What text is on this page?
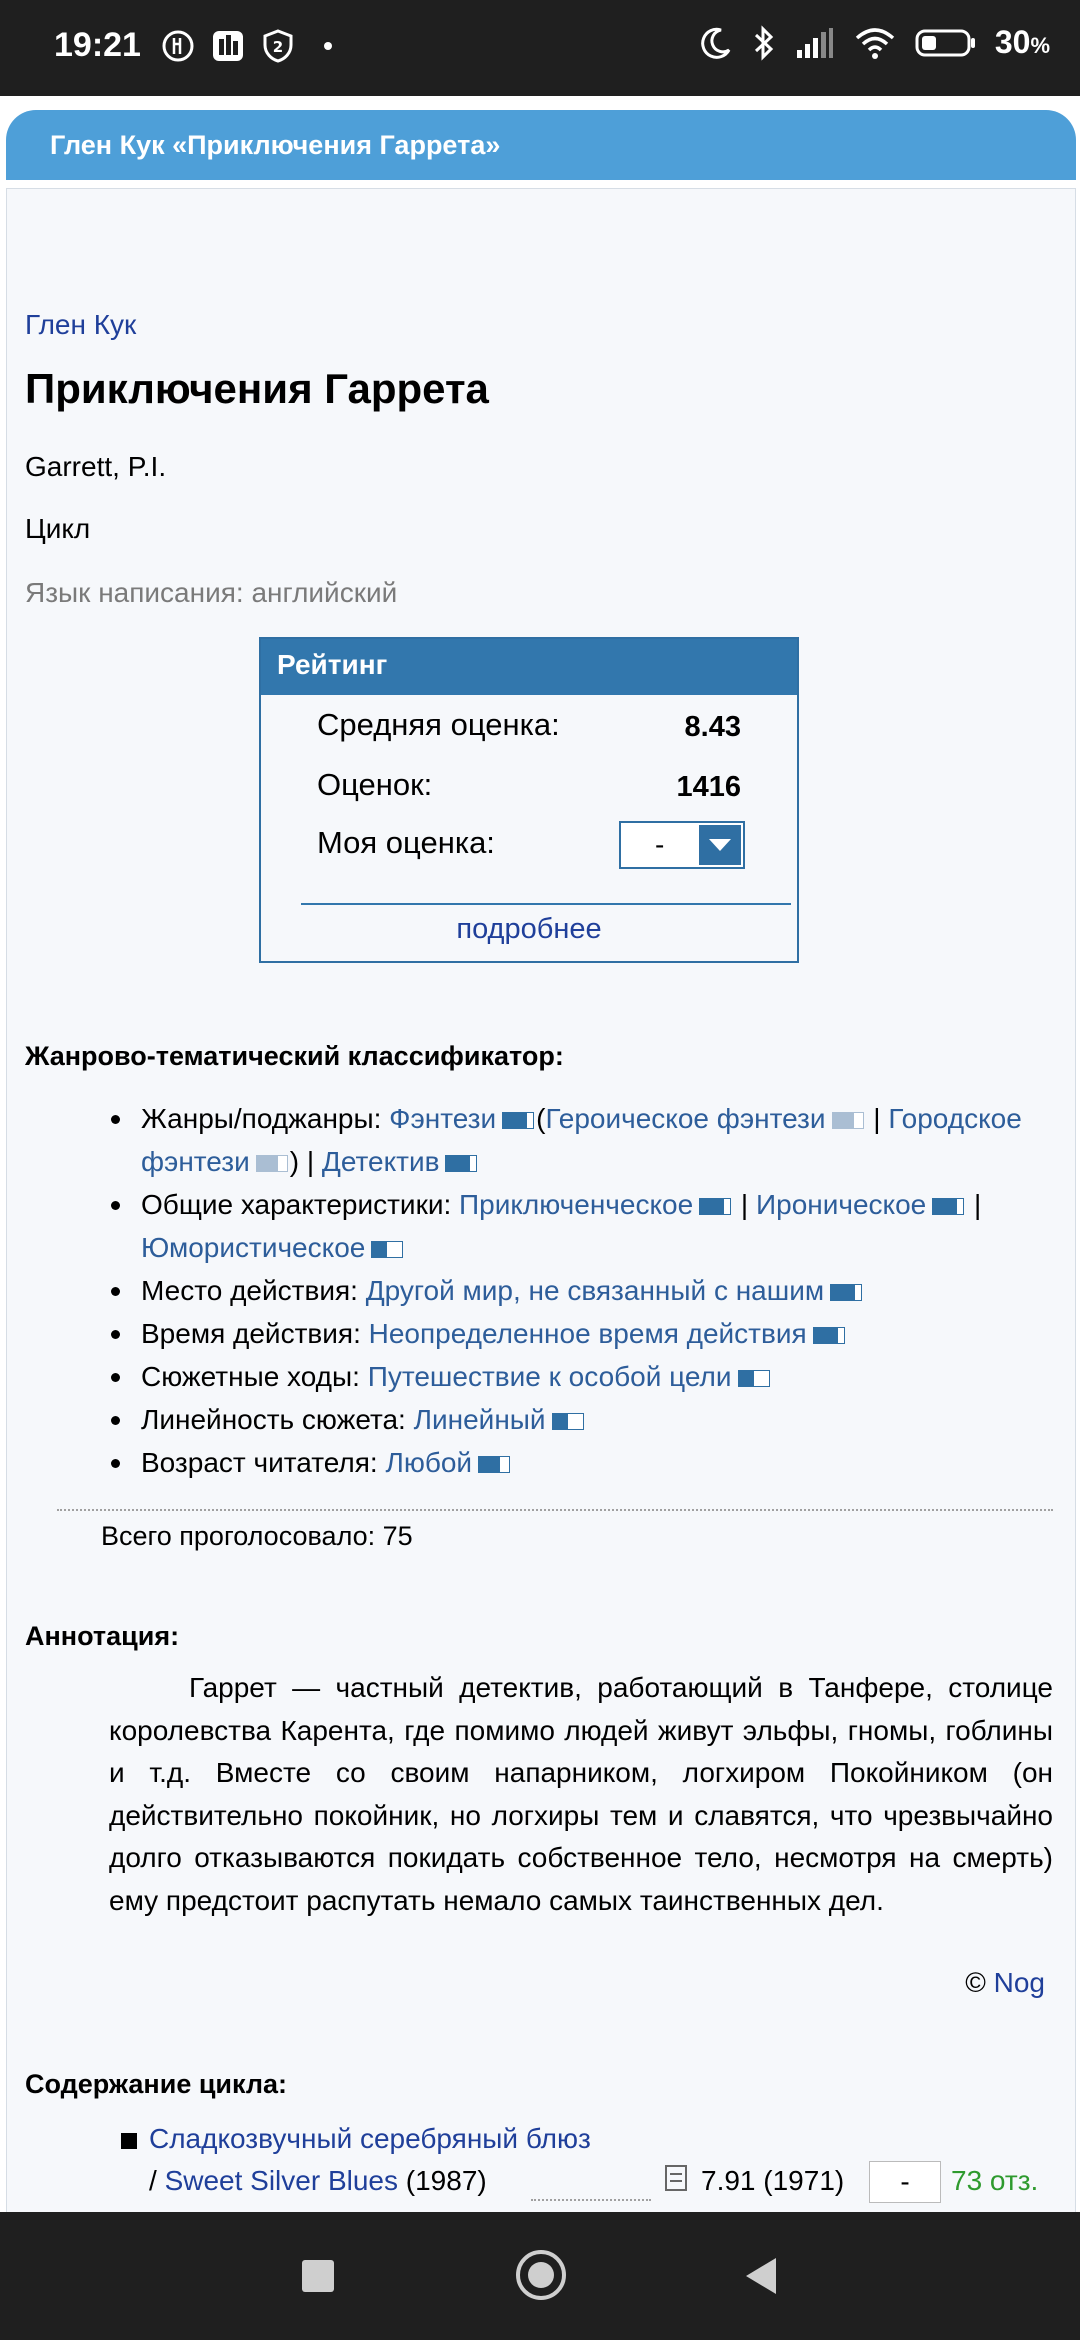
19:21	2	30%
Глен Кук «Приключения Гаррета»
Глен Кук
Приключения Гаррета
Garrett, P.I.
Цикл
Язык написания: английский
Рейтинг
Средняя оценка:	8.43
Оценок:	1416
Моя оценка:	-
подробнее
Жанрово-тематический классификатор:
Жанры/поджанры: Фэнтези (Героическое фэнтези
| Городское фэнтези ) | Детектив
Общие характеристики: Приключенческое
| Ироническое
| Юмористическое
Место действия: Другой мир, не связанный с нашим
Время действия: Неопределенное время действия
Сюжетные ходы: Путешествие к особой цели
Линейность сюжета: Линейный
Возраст читателя: Любой
Всего проголосовало: 75
Аннотация:
Гаррет — частный детектив, работающий в Танфере, столице королевства Карента, где помимо людей живут эльфы, гномы, гоблины и т.д. Вместе со своим напарником, логхиром Покойником (он действительно покойник, но логхиры тем и славятся, что чрезвычайно долго отказываются покидать собственное тело, несмотря на смерть) ему предстоит распутать немало самых таинственных дел.
© Nog
Содержание цикла:
Сладкозвучный серебряный блюз
/ Sweet Silver Blues (1987)	7.91 (1971)	-	73 отз.
